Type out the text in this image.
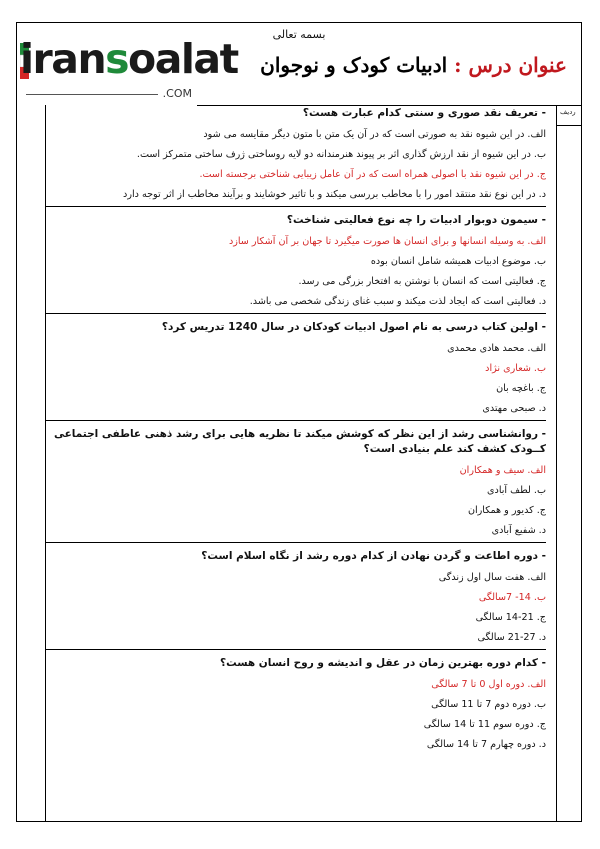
بسمه تعالی
iransoalat
.COM
عنوان درس : ادبیات کودک و نوجوان
ردیف
- تعریف نقد صوری و سنتی کدام عبارت هست؟
الف. در این شیوه نقد به صورتی است که در آن یک متن با متون دیگر مقایسه می شود
ب. در این شیوه از نقد ارزش گذاری اثر بر پیوند هنرمندانه دو لایه روساختی ژرف ساختی متمرکز است.
ج. در این شیوه نقد با اصولی همراه است که در آن عامل زیبایی شناختی برجسته است.
د. در این نوع نقد منتقد امور را با مخاطب بررسی میکند و با تاثیر خوشایند و برآیند مخاطب از اثر توجه دارد
- سیمون دوبوار ادبیات را چه نوع فعالیتی شناخت؟
الف. به وسیله انسانها و برای انسان ها صورت میگیرد تا جهان بر آن آشکار سازد
ب. موضوع ادبیات همیشه شامل انسان بوده
ج. فعالیتی است که انسان با نوشتن به افتخار بزرگی می رسد.
د. فعالیتی است که ایجاد لذت میکند و سبب غنای زندگی شخصی می باشد.
- اولین کتاب درسی به نام اصول ادبیات کودکان در سال 1240 تدریس کرد؟
الف. محمد هادی محمدی
ب. شعاری نژاد
ج. باغچه بان
د. صبحی مهتدی
- روانشناسی رشد از این نظر که کوشش میکند تا نظریه هایی برای رشد ذهنی عاطفی اجتماعی کــودک کشف کند علم بنیادی است؟
الف. سیف و همکاران
ب. لطف آبادی
ج. کدیور و همکاران
د. شفیع آبادی
- دوره اطاعت و گردن نهادن از کدام دوره رشد از نگاه اسلام است؟
الف. هفت سال اول زندگی
ب. 14- 7سالگی
ج. 21-14 سالگی
د. 27-21 سالگی
- کدام دوره بهترین زمان در عقل و اندیشه و روح انسان هست؟
الف. دوره اول 0 تا 7 سالگی
ب. دوره دوم 7 تا 11 سالگی
ج. دوره سوم 11 تا 14 سالگی
د. دوره چهارم 7 تا 14 سالگی
